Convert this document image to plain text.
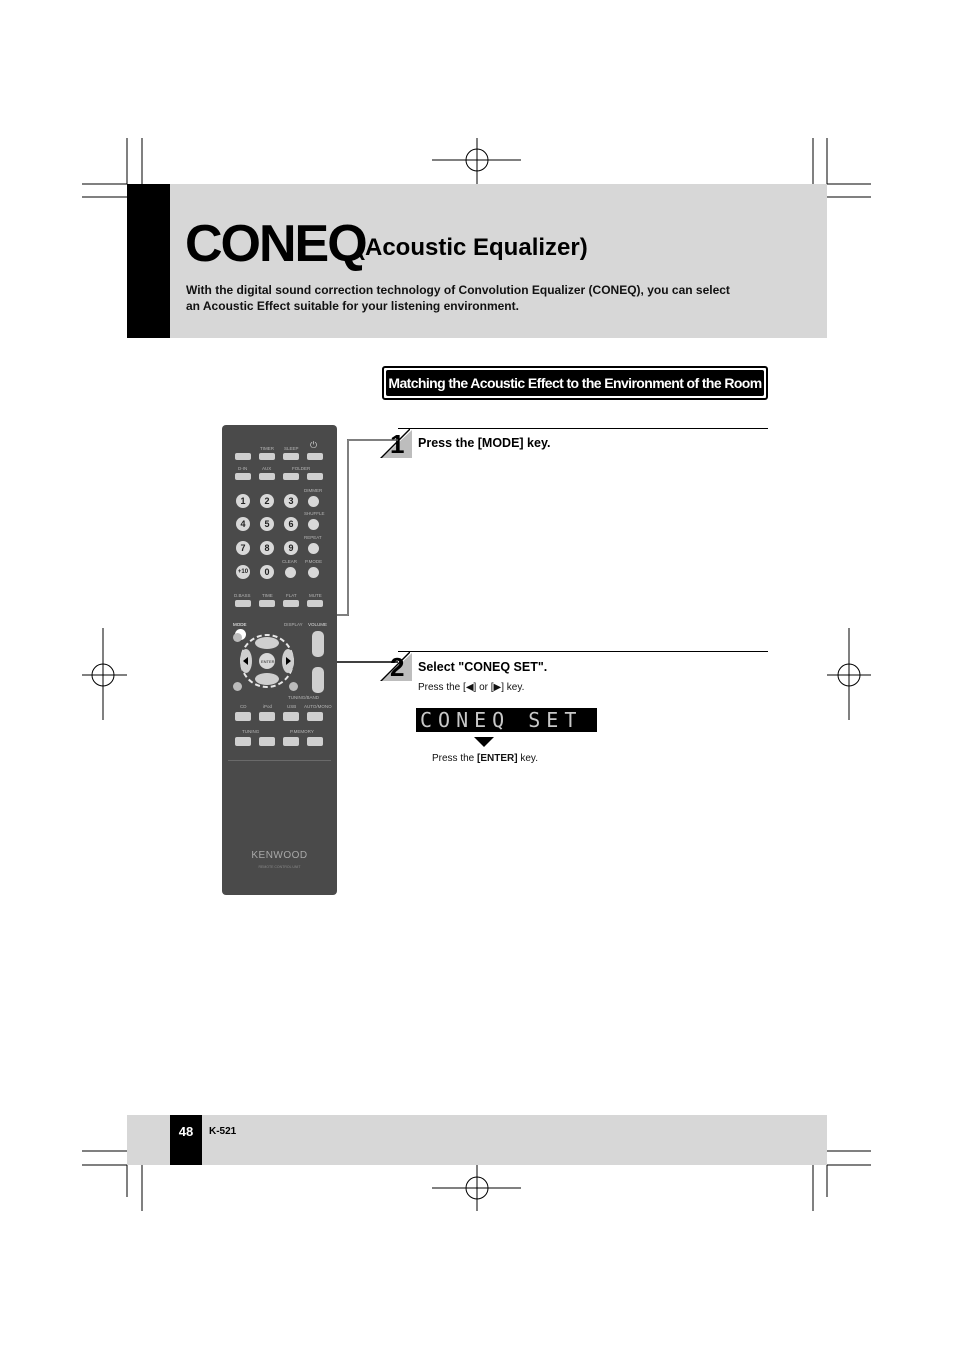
CONEQ
(Acoustic Equalizer)
With the digital sound correction technology of Convolution Equalizer (CONEQ), you can select
an Acoustic Effect suitable for your listening environment.
Matching the Acoustic Effect to the Environment of the Room
1 Press the [MODE] key.
2 Select "CONEQ SET".
Press the [◀] or [▶] key.
CONEQ SET
Press the [ENTER] key.
TIMER SLEEP ⏻
D-IN	AUX	FOLDER
1	2	3
DIMMER
4	5	6
SHUFFLE
7	8	9
REPEAT
+10	0
CLEAR P.MODE
D.BASS	TIME	FLAT	MUTE
MODE	DISPLAY VOLUME
ENTER
TUNING/BAND
CD	iPod	USB AUTO/MONO
TUNING	P.MEMORY
KENWOOD
REMOTE CONTROL UNIT
48	K-521
